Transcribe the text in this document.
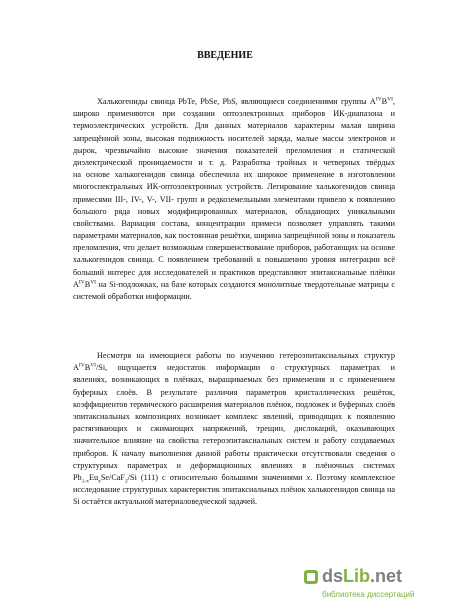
ВВЕДЕНИЕ
Халькогениды свинца PbTe, PbSe, PbS, являющиеся соединениями группы $A^{IV}B^{VI}$,
широко применяются при создании оптоэлектронных приборов ИК-диапазона и
термоэлектрических устройств. Для данных материалов характерны малая ширина
запрещённой зоны, высокая подвижность носителей заряда, малые массы электронов и
дырок, чрезвычайно высокие значения показателей преломления и статической
диэлектрической проницаемости и т. д. Разработка тройных и четверных твёрдых
на основе халькогенидов свинца обеспечила их широкое применение в изготовлении
многоспектральных ИК-оптоэлектронных устройств. Легирование халькогенидов свинца
примесями III-, IV-, V-, VII- групп и редкоземельными элементами привело к появлению
большого ряда новых модифицированных материалов, обладающих уникальными
свойствами. Вариация состава, концентрации примеси позволяет управлять такими
параметрами материалов, как постоянная решётки, ширина запрещённой зоны и показатель
преломления, что делает возможным совершенствование приборов, работающих на основе
халькогенидов свинца. С появлением требований к повышению уровня интеграции всё
больший интерес для исследователей и практиков представляют эпитаксиальные плёнки
$A^{IV}B^{VI}$ на Si-подложках, на базе которых создаются монолитные твердотельные матрицы с
системой обработки информации.
Несмотря на имеющиеся работы по изучению гетероэпитаксиальных структур
$A^{IV}B^{VI}/Si$, ощущается недостаток информации о структурных параметрах и
явлениях, возникающих в плёнках, выращиваемых без применения и с применением
буферных слоёв. В результате различия параметров кристаллических решёток,
коэффициентов термического расширения материалов плёнок, подложек и буферных слоёв
эпитаксиальных композициях возникает комплекс явлений, приводящих к появлению
растягивающих и сжимающих напряжений, трещин, дислокаций, оказывающих
значительное влияние на свойства гетероэпитаксиальных систем и работу создаваемых
приборов. К началу выполнения данной работы практически отсутствовали сведения о
структурных параметрах и деформационных явлениях в плёночных системах
$Pb_{1-x}Eu_xSe/CaF_2/Si$ (111) с относительно большими значениями x. Поэтому комплексное
исследование структурных характеристик эпитаксиальных плёнок халькогенидов свинца на
Si остаётся актуальной материаловедческой задачей.
dsLib.net
библиотека диссертаций
